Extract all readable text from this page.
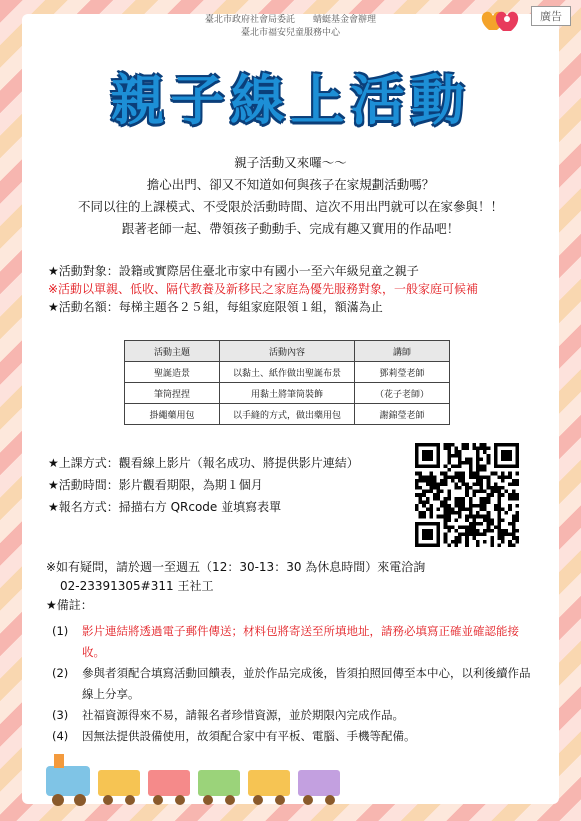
臺北市政府社會局委託　　蜻蜓基金會辦理
臺北市福安兒童服務中心
廣告
親子線上活動
親子活動又來囉～～
擔心出門、卻又不知道如何與孩子在家規劃活動嗎？
不同以往的上課模式、不受限於活動時間、這次不用出門就可以在家參與！！
跟著老師一起、帶領孩子動動手、完成有趣又實用的作品吧！
★活動對象：設籍或實際居住臺北市家中有國小一至六年級兒童之親子
※活動以單親、低收、隔代教養及新移民之家庭為優先服務對象，一般家庭可候補
★活動名額：每梯主題各２５組，每組家庭限領１組，額滿為止
活動主題	活動內容	講師
聖誕造景	以黏土、紙作做出聖誕布景	鄧莉瑩老師
筆筒捏捏	用黏土將筆筒裝飾	（花子老師）
掛繩藥用包	以手縫的方式，做出藥用包	謝錦瑩老師
★上課方式：觀看線上影片（報名成功、將提供影片連結）
★活動時間：影片觀看期限，為期１個月
★報名方式：掃描右方 QRcode 並填寫表單
※如有疑問，請於週一至週五（12：30-13：30 為休息時間）來電洽詢
02-23391305#311 王社工
★備註：
(1)	影片連結將透過電子郵件傳送；材料包將寄送至所填地址，請務必填寫正確並確認能接收。
(2)	參與者須配合填寫活動回饋表，並於作品完成後，皆須拍照回傳至本中心，以利後續作品線上分享。
(3)	社福資源得來不易，請報名者珍惜資源，並於期限內完成作品。
(4)	因無法提供設備使用，故須配合家中有平板、電腦、手機等配備。
